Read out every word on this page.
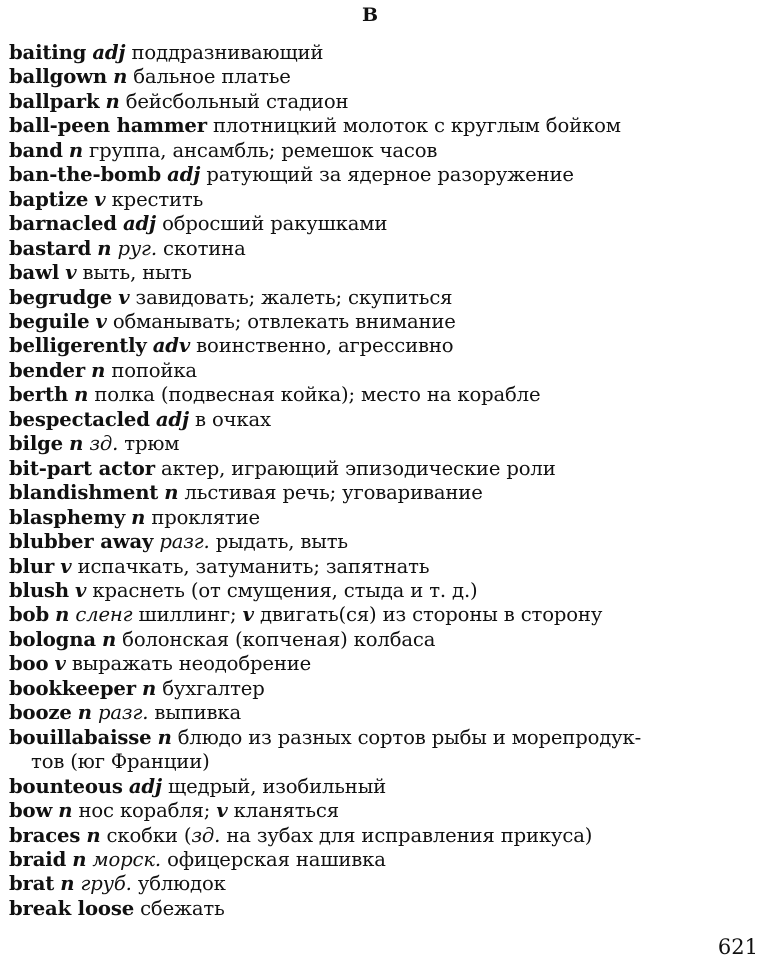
B
baiting adj поддразнивающий
ballgown n бальное платье
ballpark n бейсбольный стадион
ball-peen hammer плотницкий молоток с круглым бойком
band n группа, ансамбль; ремешок часов
ban-the-bomb adj ратующий за ядерное разоружение
baptize v крестить
barnacled adj обросший ракушками
bastard n руг. скотина
bawl v выть, ныть
begrudge v завидовать; жалеть; скупиться
beguile v обманывать; отвлекать внимание
belligerently adv воинственно, агрессивно
bender n попойка
berth n полка (подвесная койка); место на корабле
bespectacled adj в очках
bilge n зд. трюм
bit-part actor актер, играющий эпизодические роли
blandishment n льстивая речь; уговаривание
blasphemy n проклятие
blubber away разг. рыдать, выть
blur v испачкать, затуманить; запятнать
blush v краснеть (от смущения, стыда и т. д.)
bob n сленг шиллинг; v двигать(ся) из стороны в сторону
bologna n болонская (копченая) колбаса
boo v выражать неодобрение
bookkeeper n бухгалтер
booze n разг. выпивка
bouillabaisse n блюдо из разных сортов рыбы и морепродук-
тов (юг Франции)
bounteous adj щедрый, изобильный
bow n нос корабля; v кланяться
braces n скобки (зд. на зубах для исправления прикуса)
braid n морск. офицерская нашивка
brat n груб. ублюдок
break loose сбежать
621
